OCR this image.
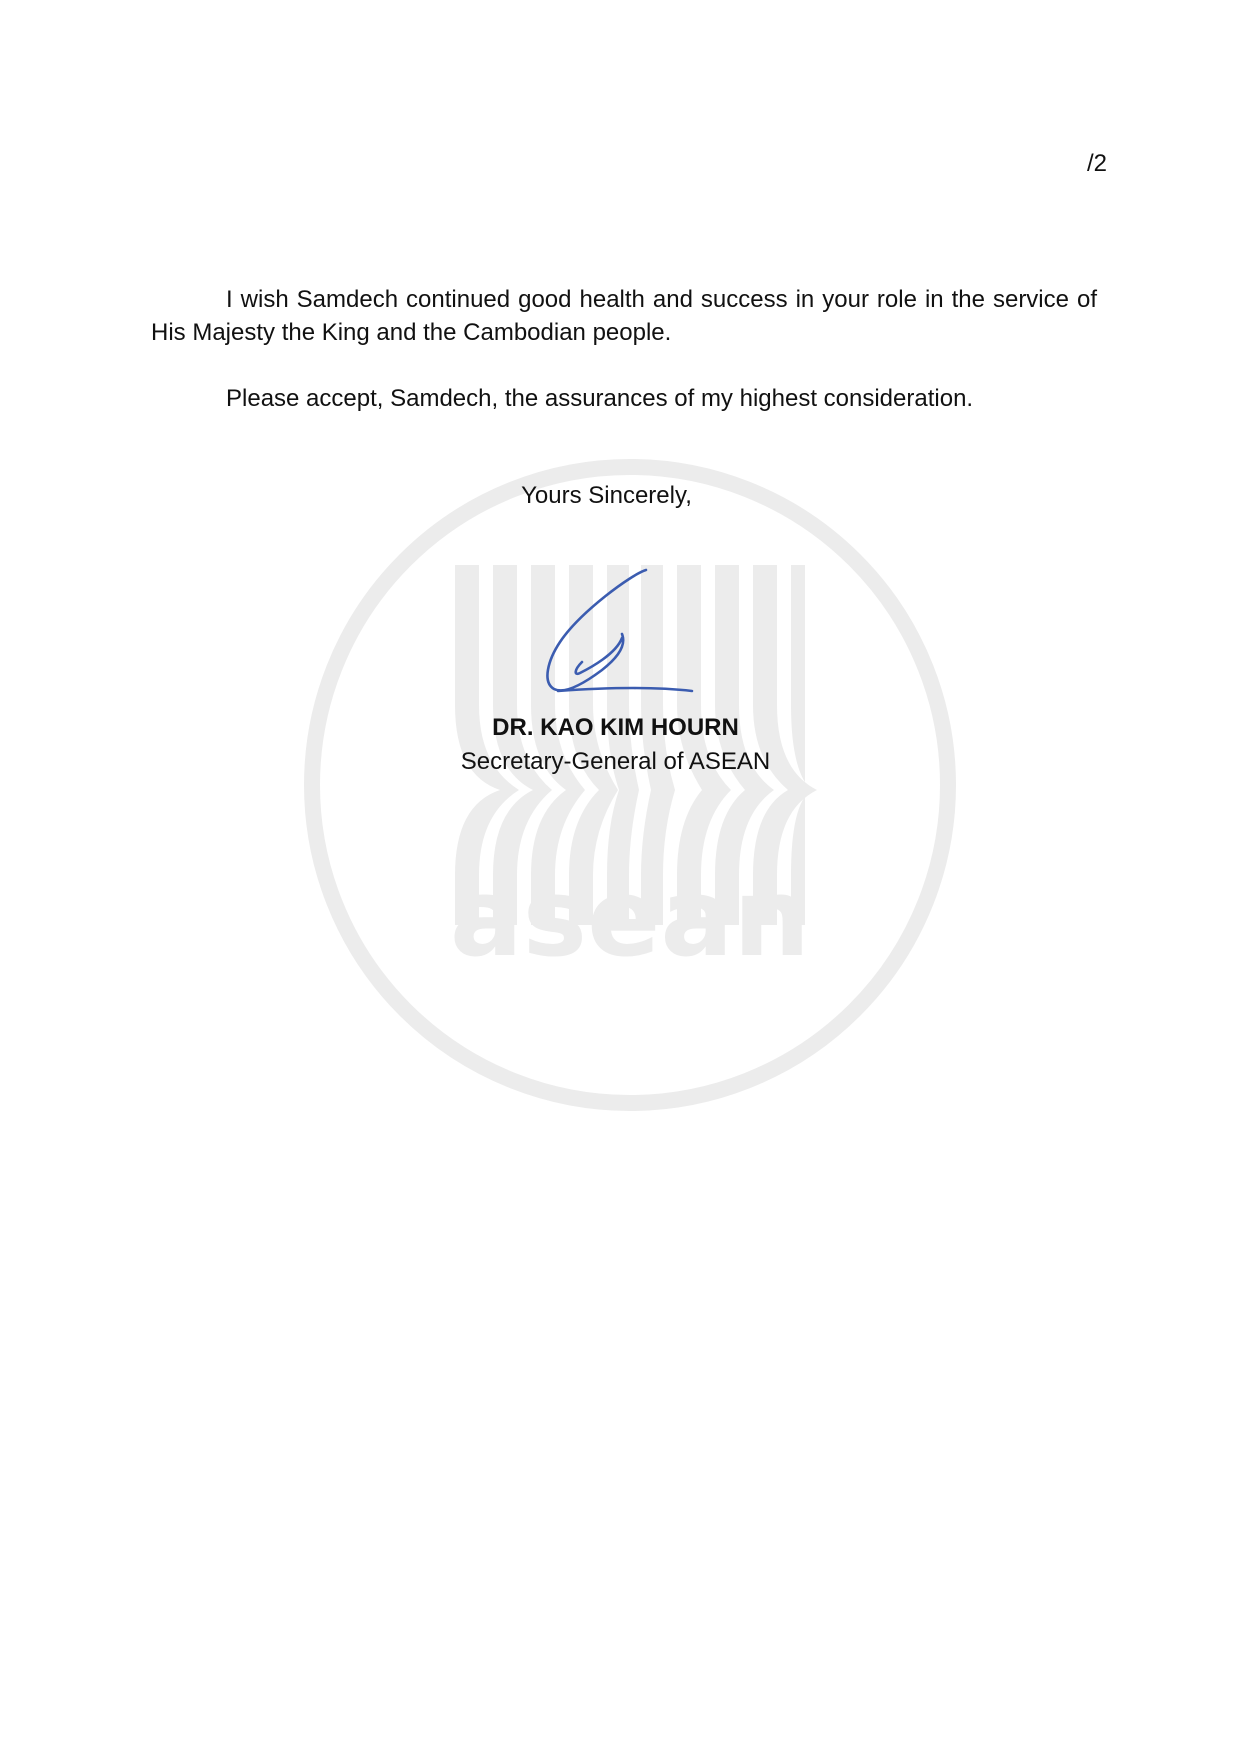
asean
/2

I wish Samdech continued good health and success in your role in the service of His Majesty the King and the Cambodian people.

Please accept, Samdech, the assurances of my highest consideration.

Yours Sincerely,
DR. KAO KIM HOURN
Secretary-General of ASEAN
